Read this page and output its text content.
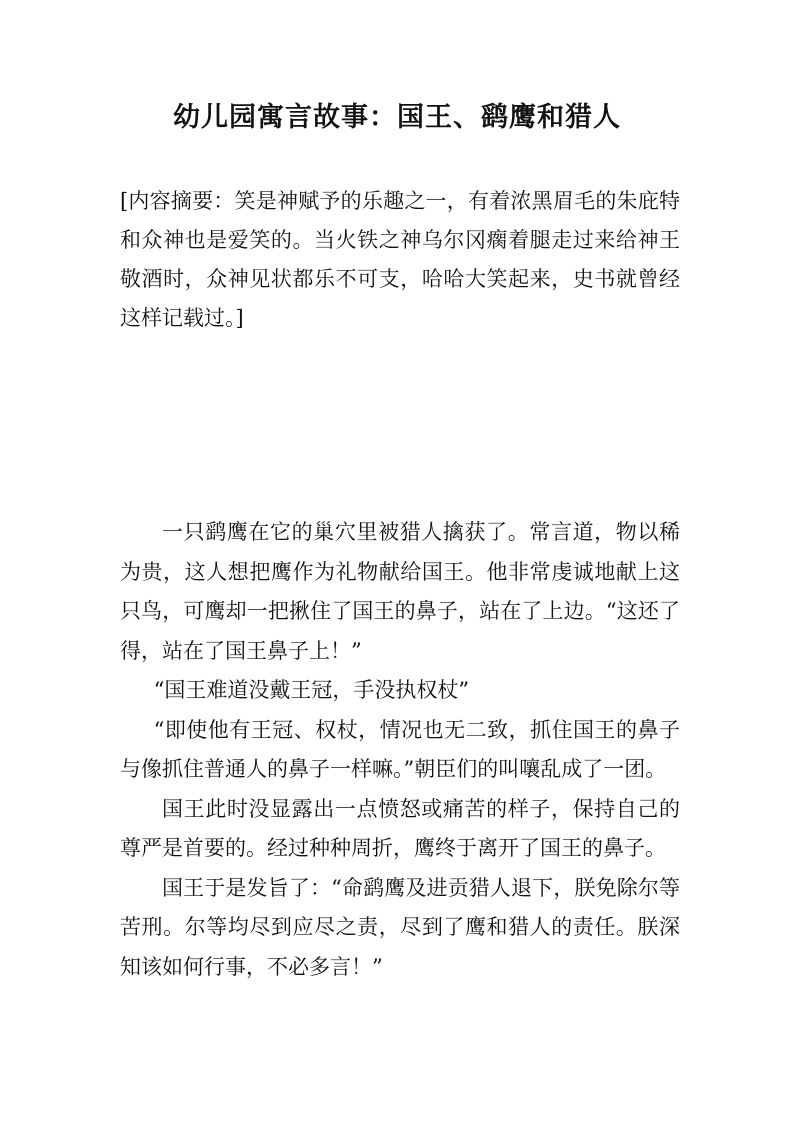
幼儿园寓言故事：国王、鹞鹰和猎人

[内容摘要：笑是神赋予的乐趣之一，有着浓黑眉毛的朱庇特和众神也是爱笑的。当火铁之神乌尔冈瘸着腿走过来给神王敬酒时，众神见状都乐不可支，哈哈大笑起来，史书就曾经这样记载过。]

一只鹞鹰在它的巢穴里被猎人擒获了。常言道，物以稀为贵，这人想把鹰作为礼物献给国王。他非常虔诚地献上这只鸟，可鹰却一把揪住了国王的鼻子，站在了上边。“这还了得，站在了国王鼻子上！”

“国王难道没戴王冠，手没执权杖”

“即使他有王冠、权杖，情况也无二致，抓住国王的鼻子与像抓住普通人的鼻子一样嘛。”朝臣们的叫嚷乱成了一团。

国王此时没显露出一点愤怒或痛苦的样子，保持自己的尊严是首要的。经过种种周折，鹰终于离开了国王的鼻子。

国王于是发旨了：“命鹞鹰及进贡猎人退下，朕免除尔等苦刑。尔等均尽到应尽之责，尽到了鹰和猎人的责任。朕深知该如何行事，不必多言！”
